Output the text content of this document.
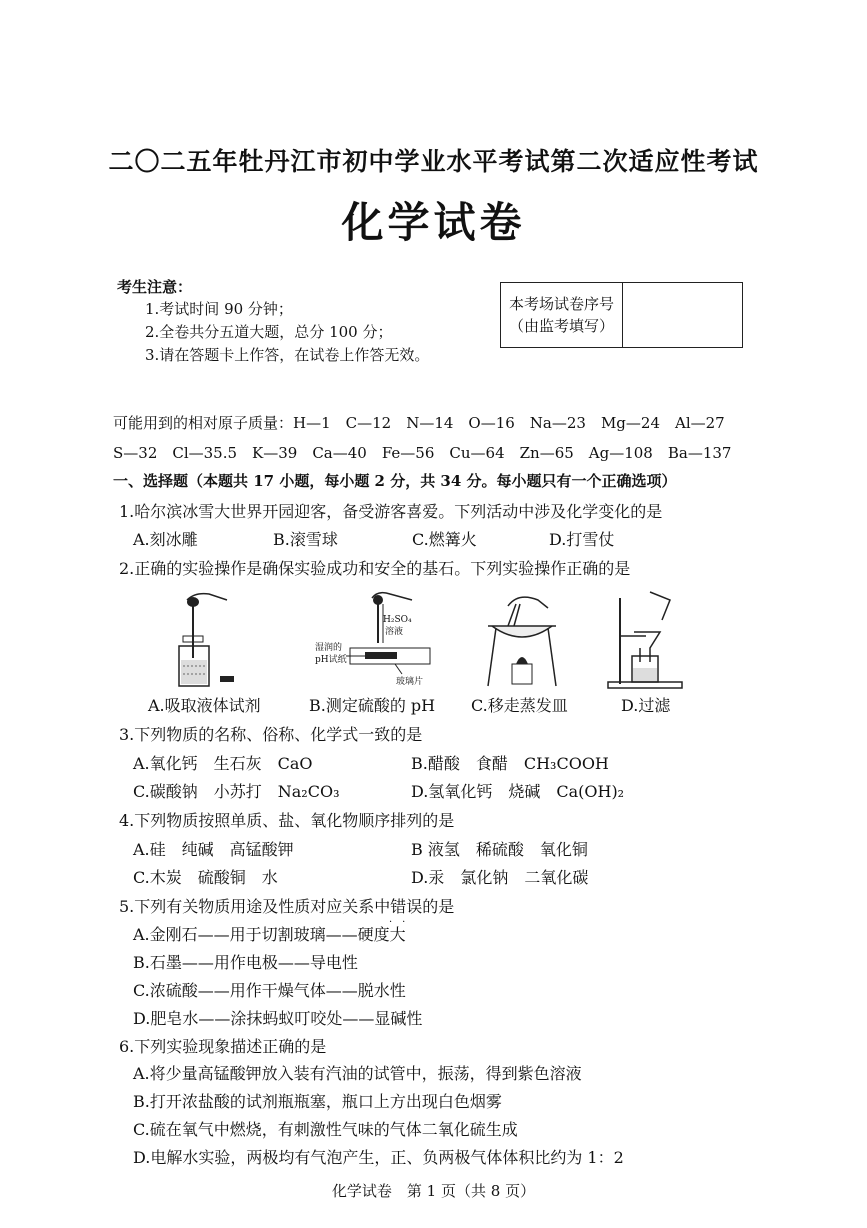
二〇二五年牡丹江市初中学业水平考试第二次适应性考试
化学试卷
考生注意：
1.考试时间 90 分钟；
2.全卷共分五道大题，总分 100 分；
3.请在答题卡上作答，在试卷上作答无效。
本考场试卷序号
（由监考填写）
可能用到的相对原子质量：H—1　C—12　N—14　O—16　Na—23　Mg—24　Al—27
S—32　Cl—35.5　K—39　Ca—40　Fe—56　Cu—64　Zn—65　Ag—108　Ba—137
一、选择题（本题共 17 小题，每小题 2 分，共 34 分。每小题只有一个正确选项）
1.哈尔滨冰雪大世界开园迎客，备受游客喜爱。下列活动中涉及化学变化的是
A.刻冰雕	B.滚雪球	C.燃篝火	D.打雪仗
2.正确的实验操作是确保实验成功和安全的基石。下列实验操作正确的是
H₂SO₄
溶液
湿润的
pH试纸
玻璃片
A.吸取液体试剂	B.测定硫酸的 pH C.移走蒸发皿	D.过滤
3.下列物质的名称、俗称、化学式一致的是
A.氧化钙　生石灰　CaO	B.醋酸　食醋　CH₃COOH
C.碳酸钠　小苏打　Na₂CO₃	D.氢氧化钙　烧碱　Ca(OH)₂
4.下列物质按照单质、盐、氧化物顺序排列的是
A.硅　纯碱　高锰酸钾	B 液氢　稀硫酸　氧化铜
C.木炭　硫酸铜　水	D.汞　氯化钠　二氧化碳
5.下列有关物质用途及性质对应关系中错误的是
·　·
A.金刚石——用于切割玻璃——硬度大
B.石墨——用作电极——导电性
C.浓硫酸——用作干燥气体——脱水性
D.肥皂水——涂抹蚂蚁叮咬处——显碱性
6.下列实验现象描述正确的是
A.将少量高锰酸钾放入装有汽油的试管中，振荡，得到紫色溶液
B.打开浓盐酸的试剂瓶瓶塞，瓶口上方出现白色烟雾
C.硫在氧气中燃烧，有刺激性气味的气体二氧化硫生成
D.电解水实验，两极均有气泡产生，正、负两极气体体积比约为 1：2
化学试卷　第 1 页（共 8 页）
